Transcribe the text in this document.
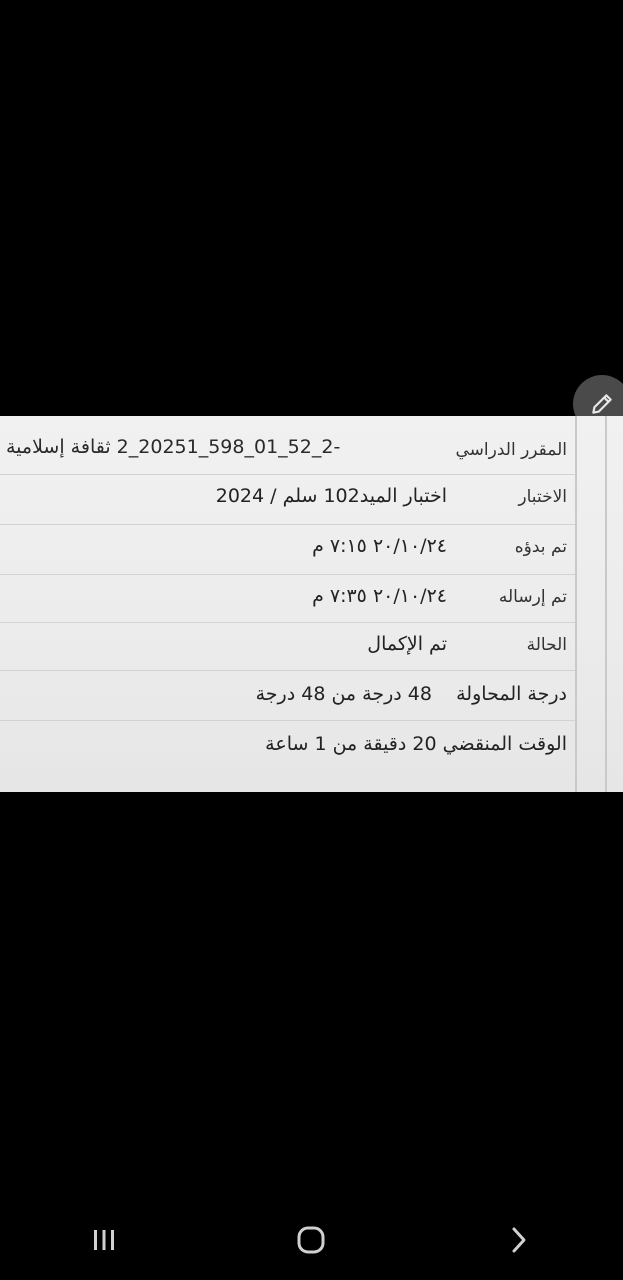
المقرر الدراسي
-2_52_01_598_20251_2 ثقافة إسلامية
الاختبار
اختبار الميد102 سلم / 2024
تم بدؤه
٢٠/١٠/٢٤ ٧:١٥ م
تم إرساله
٢٠/١٠/٢٤ ٧:٣٥ م
الحالة
تم الإكمال
درجة المحاولة    48 درجة من 48 درجة
الوقت المنقضي 20 دقيقة من 1 ساعة
